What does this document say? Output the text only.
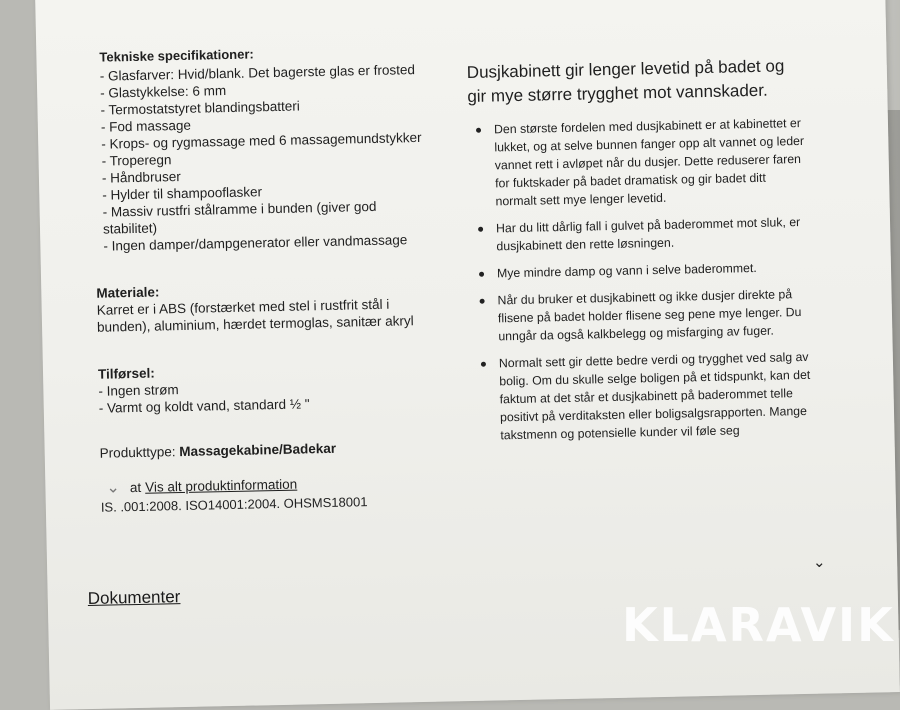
Tekniske specifikationer:
- Glasfarver: Hvid/blank. Det bagerste glas er frosted
- Glastykkelse: 6 mm
- Termostatstyret blandingsbatteri
- Fod massage
- Krops- og rygmassage med 6 massagemundstykker
- Troperegn
- Håndbruser
- Hylder til shampooflasker
- Massiv rustfri stålramme i bunden (giver god
stabilitet)
- Ingen damper/dampgenerator eller vandmassage
Materiale:
Karret er i ABS (forstærket med stel i rustfrit stål i
bunden), aluminium, hærdet termoglas, sanitær akryl
Tilførsel:
- Ingen strøm
- Varmt og koldt vand, standard ½ "
Produkttype: Massagekabine/Badekar
⌄ at Vis alt produktinformation
IS. .001:2008. ISO14001:2004. OHSMS18001
Dokumenter
Dusjkabinett gir lenger levetid på badet og gir mye større trygghet mot vannskader.
Den største fordelen med dusjkabinett er at kabinettet er lukket, og at selve bunnen fanger opp alt vannet og leder vannet rett i avløpet når du dusjer. Dette reduserer faren for fuktskader på badet dramatisk og gir badet ditt normalt sett mye lenger levetid.
Har du litt dårlig fall i gulvet på baderommet mot sluk, er dusjkabinett den rette løsningen.
Mye mindre damp og vann i selve baderommet.
Når du bruker et dusjkabinett og ikke dusjer direkte på flisene på badet holder flisene seg pene mye lenger. Du unngår da også kalkbelegg og misfarging av fuger.
Normalt sett gir dette bedre verdi og trygghet ved salg av bolig. Om du skulle selge boligen på et tidspunkt, kan det faktum at det står et dusjkabinett på baderommet telle positivt på verditaksten eller boligsalgsrapporten. Mange takstmenn og potensielle kunder vil føle seg
⌄
KLARAVIK
